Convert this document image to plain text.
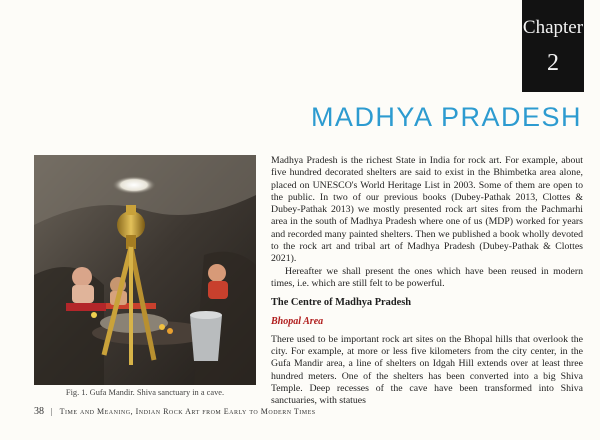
Chapter
2
MADHYA PRADESH
Fig. 1. Gufa Mandir. Shiva sanctuary in a cave.

Madhya Pradesh is the richest State in India for rock art. For example, about five hundred decorated shelters are said to exist in the Bhimbetka area alone, placed on UNESCO's World Heritage List in 2003. Some of them are open to the public. In two of our previous books (Dubey-Pathak 2013, Clottes & Dubey-Pathak 2013) we mostly presented rock art sites from the Pachmarhi area in the south of Madhya Pradesh where one of us (MDP) worked for years and recorded many painted shelters. Then we published a book wholly devoted to the rock art and tribal art of Madhya Pradesh (Dubey-Pathak & Clottes 2021).

Hereafter we shall present the ones which have been reused in modern times, i.e. which are still felt to be powerful.

The Centre of Madhya Pradesh
Bhopal Area

There used to be important rock art sites on the Bhopal hills that overlook the city. For example, at more or less five kilometers from the city center, in the Gufa Mandir area, a line of shelters on Idgah Hill extends over at least three hundred meters. One of the shelters has been converted into a big Shiva Temple. Deep recesses of the cave have been transformed into Shiva sanctuaries, with statues

38 | Time and Meaning, Indian Rock Art from Early to Modern Times
